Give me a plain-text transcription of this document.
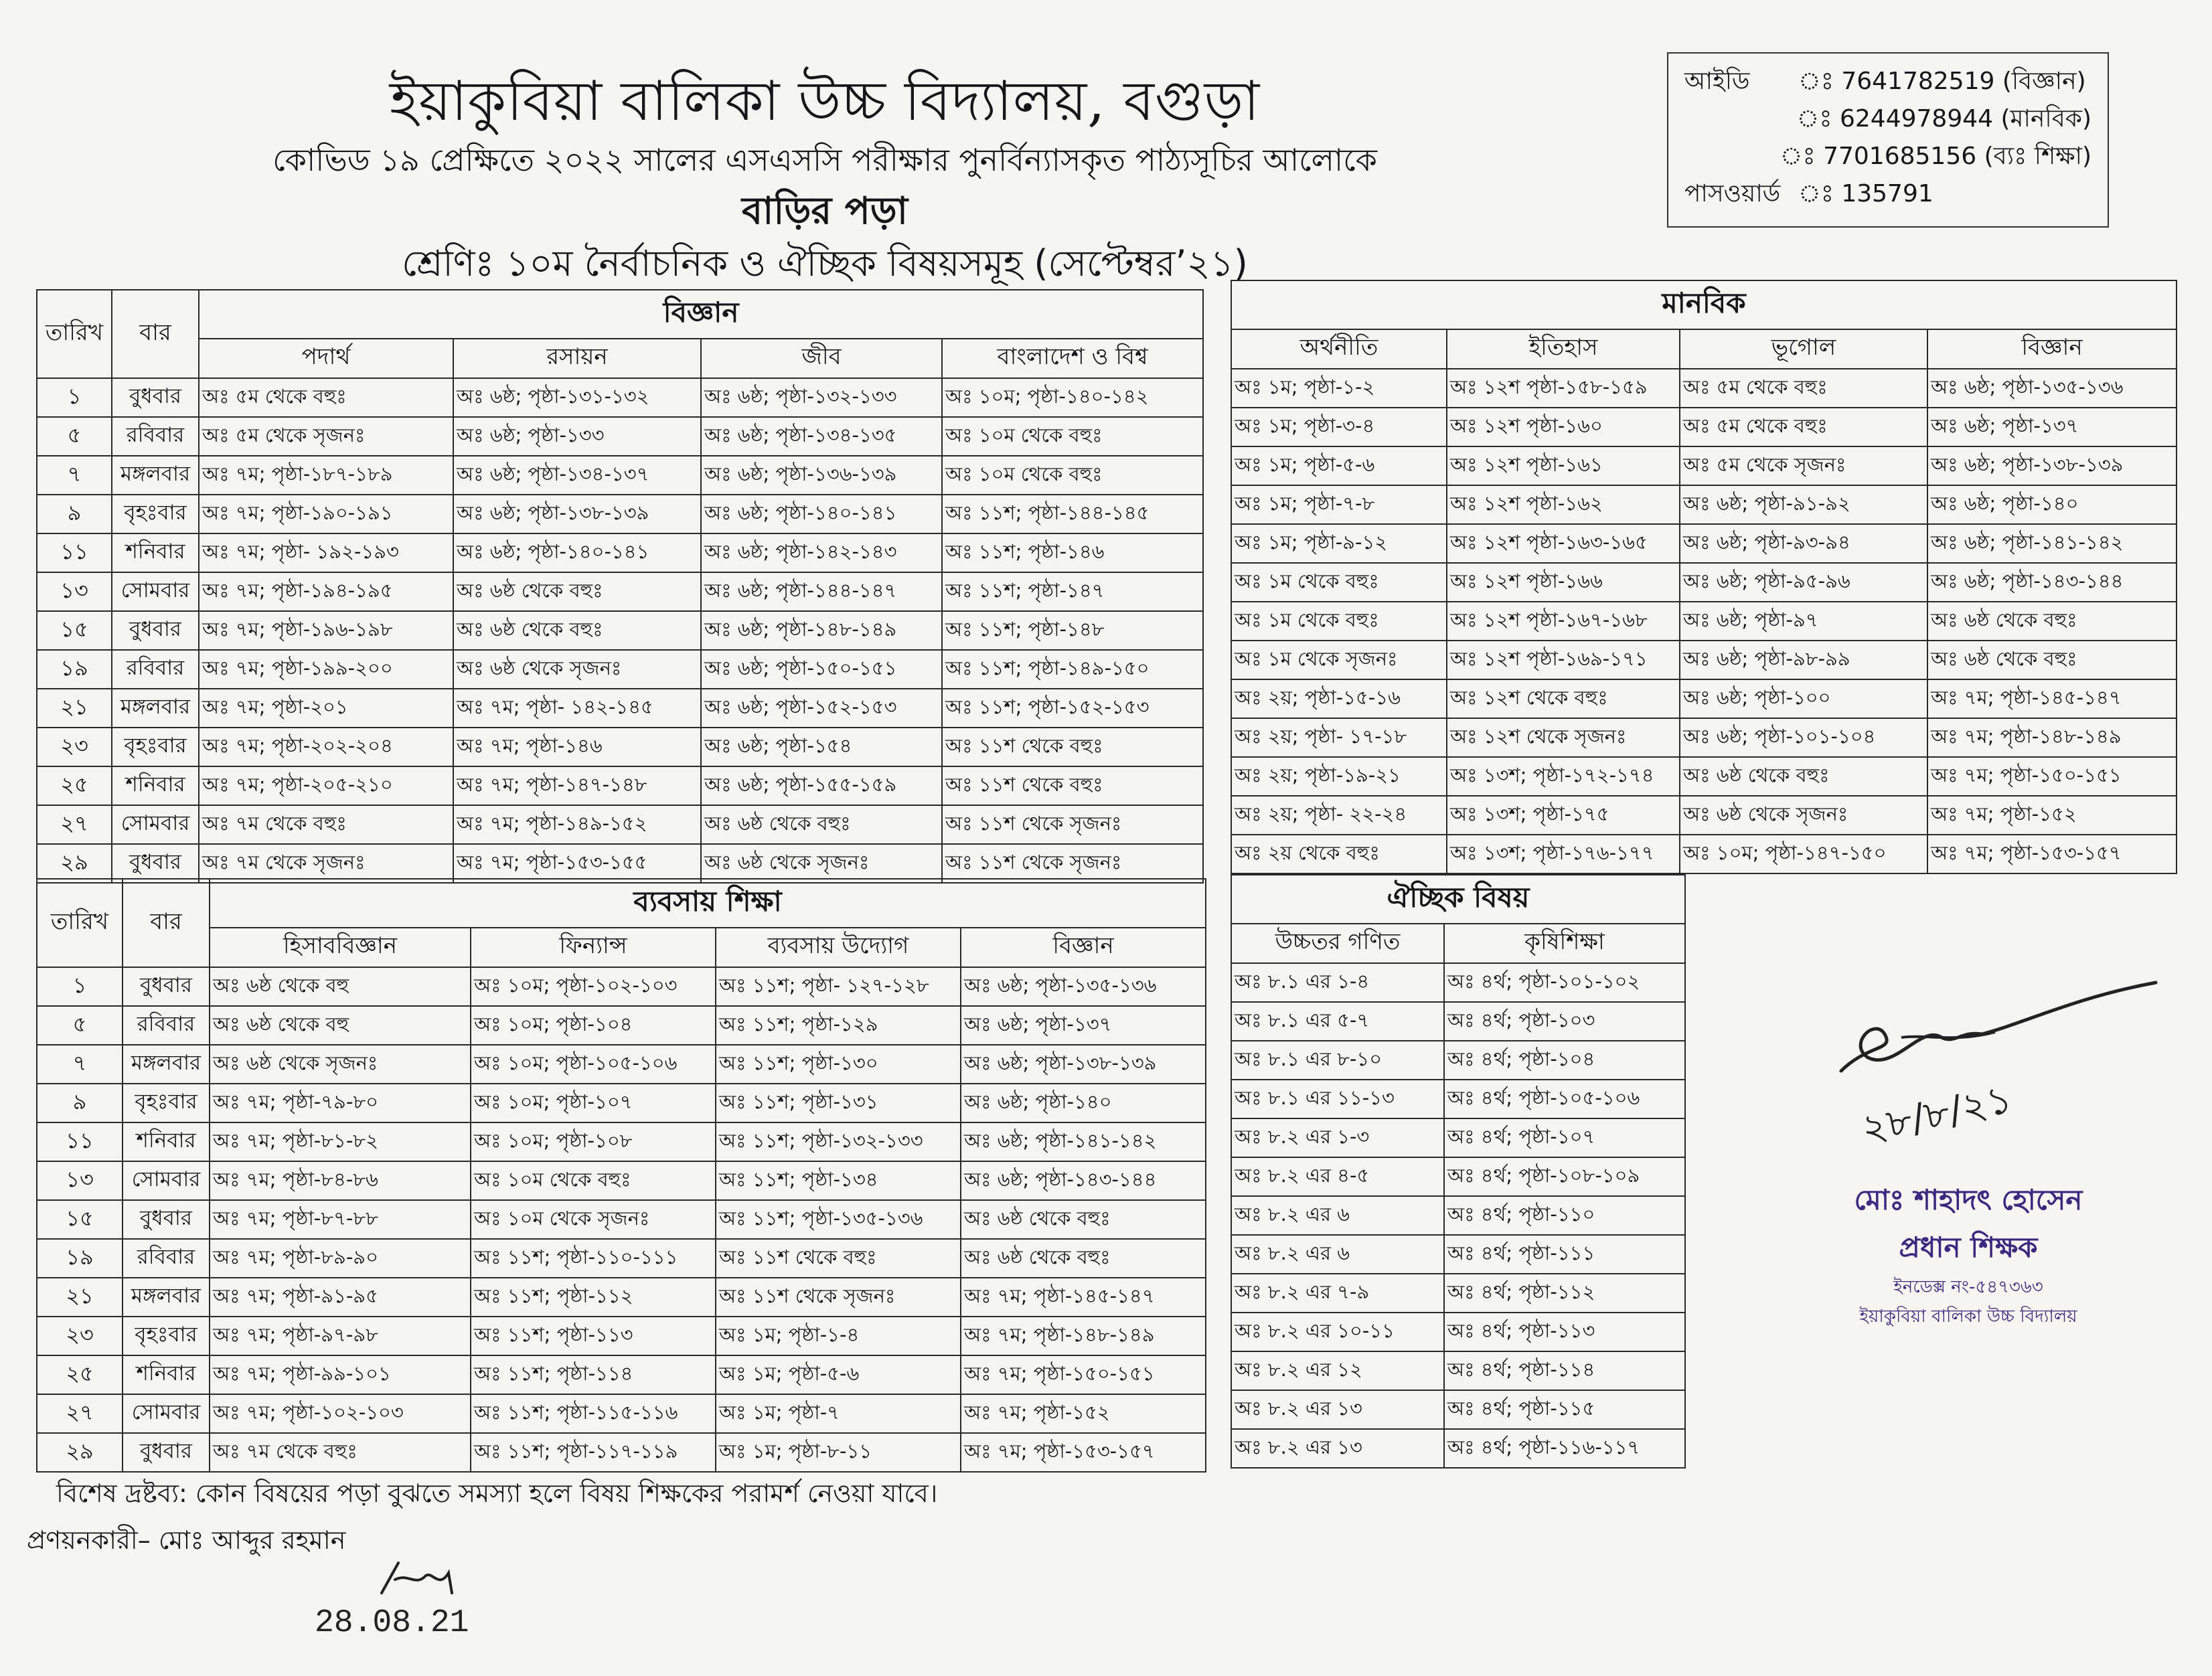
ইয়াকুবিয়া বালিকা উচ্চ বিদ্যালয়, বগুড়া
কোভিড ১৯ প্রেক্ষিতে ২০২২ সালের এসএসসি পরীক্ষার পুনর্বিন্যাসকৃত পাঠ্যসূচির আলোকে
বাড়ির পড়া
শ্রেণিঃ ১০ম নৈর্বাচনিক ও ঐচ্ছিক বিষয়সমূহ (সেপ্টেম্বর’২১)
আইডি	ঃ 7641782519 (বিজ্ঞান)
ঃ 6244978944 (মানবিক)
ঃ 7701685156 (ব্যঃ শিক্ষা)
পাসওয়ার্ড ঃ 135791
তারিখ	বার	বিজ্ঞান			
		পদার্থ	রসায়ন	জীব	বাংলাদেশ ও বিশ্ব
১	বুধবার	অঃ ৫ম থেকে বহুঃ	অঃ ৬ষ্ঠ; পৃষ্ঠা-১৩১-১৩২	অঃ ৬ষ্ঠ; পৃষ্ঠা-১৩২-১৩৩	অঃ ১০ম; পৃষ্ঠা-১৪০-১৪২
৫	রবিবার	অঃ ৫ম থেকে সৃজনঃ	অঃ ৬ষ্ঠ; পৃষ্ঠা-১৩৩	অঃ ৬ষ্ঠ; পৃষ্ঠা-১৩৪-১৩৫	অঃ ১০ম থেকে বহুঃ
৭	মঙ্গলবার	অঃ ৭ম; পৃষ্ঠা-১৮৭-১৮৯	অঃ ৬ষ্ঠ; পৃষ্ঠা-১৩৪-১৩৭	অঃ ৬ষ্ঠ; পৃষ্ঠা-১৩৬-১৩৯	অঃ ১০ম থেকে বহুঃ
৯	বৃহঃবার	অঃ ৭ম; পৃষ্ঠা-১৯০-১৯১	অঃ ৬ষ্ঠ; পৃষ্ঠা-১৩৮-১৩৯	অঃ ৬ষ্ঠ; পৃষ্ঠা-১৪০-১৪১	অঃ ১১শ; পৃষ্ঠা-১৪৪-১৪৫
১১	শনিবার	অঃ ৭ম; পৃষ্ঠা- ১৯২-১৯৩	অঃ ৬ষ্ঠ; পৃষ্ঠা-১৪০-১৪১	অঃ ৬ষ্ঠ; পৃষ্ঠা-১৪২-১৪৩	অঃ ১১শ; পৃষ্ঠা-১৪৬
১৩	সোমবার	অঃ ৭ম; পৃষ্ঠা-১৯৪-১৯৫	অঃ ৬ষ্ঠ থেকে বহুঃ	অঃ ৬ষ্ঠ; পৃষ্ঠা-১৪৪-১৪৭	অঃ ১১শ; পৃষ্ঠা-১৪৭
১৫	বুধবার	অঃ ৭ম; পৃষ্ঠা-১৯৬-১৯৮	অঃ ৬ষ্ঠ থেকে বহুঃ	অঃ ৬ষ্ঠ; পৃষ্ঠা-১৪৮-১৪৯	অঃ ১১শ; পৃষ্ঠা-১৪৮
১৯	রবিবার	অঃ ৭ম; পৃষ্ঠা-১৯৯-২০০	অঃ ৬ষ্ঠ থেকে সৃজনঃ	অঃ ৬ষ্ঠ; পৃষ্ঠা-১৫০-১৫১	অঃ ১১শ; পৃষ্ঠা-১৪৯-১৫০
২১	মঙ্গলবার	অঃ ৭ম; পৃষ্ঠা-২০১	অঃ ৭ম; পৃষ্ঠা- ১৪২-১৪৫	অঃ ৬ষ্ঠ; পৃষ্ঠা-১৫২-১৫৩	অঃ ১১শ; পৃষ্ঠা-১৫২-১৫৩
২৩	বৃহঃবার	অঃ ৭ম; পৃষ্ঠা-২০২-২০৪	অঃ ৭ম; পৃষ্ঠা-১৪৬	অঃ ৬ষ্ঠ; পৃষ্ঠা-১৫৪	অঃ ১১শ থেকে বহুঃ
২৫	শনিবার	অঃ ৭ম; পৃষ্ঠা-২০৫-২১০	অঃ ৭ম; পৃষ্ঠা-১৪৭-১৪৮	অঃ ৬ষ্ঠ; পৃষ্ঠা-১৫৫-১৫৯	অঃ ১১শ থেকে বহুঃ
২৭	সোমবার	অঃ ৭ম থেকে বহুঃ	অঃ ৭ম; পৃষ্ঠা-১৪৯-১৫২	অঃ ৬ষ্ঠ থেকে বহুঃ	অঃ ১১শ থেকে সৃজনঃ
২৯	বুধবার	অঃ ৭ম থেকে সৃজনঃ	অঃ ৭ম; পৃষ্ঠা-১৫৩-১৫৫	অঃ ৬ষ্ঠ থেকে সৃজনঃ	অঃ ১১শ থেকে সৃজনঃ
মানবিক			
অর্থনীতি	ইতিহাস	ভূগোল	বিজ্ঞান
অঃ ১ম; পৃষ্ঠা-১-২	অঃ ১২শ পৃষ্ঠা-১৫৮-১৫৯	অঃ ৫ম থেকে বহুঃ	অঃ ৬ষ্ঠ; পৃষ্ঠা-১৩৫-১৩৬
অঃ ১ম; পৃষ্ঠা-৩-৪	অঃ ১২শ পৃষ্ঠা-১৬০	অঃ ৫ম থেকে বহুঃ	অঃ ৬ষ্ঠ; পৃষ্ঠা-১৩৭
অঃ ১ম; পৃষ্ঠা-৫-৬	অঃ ১২শ পৃষ্ঠা-১৬১	অঃ ৫ম থেকে সৃজনঃ	অঃ ৬ষ্ঠ; পৃষ্ঠা-১৩৮-১৩৯
অঃ ১ম; পৃষ্ঠা-৭-৮	অঃ ১২শ পৃষ্ঠা-১৬২	অঃ ৬ষ্ঠ; পৃষ্ঠা-৯১-৯২	অঃ ৬ষ্ঠ; পৃষ্ঠা-১৪০
অঃ ১ম; পৃষ্ঠা-৯-১২	অঃ ১২শ পৃষ্ঠা-১৬৩-১৬৫	অঃ ৬ষ্ঠ; পৃষ্ঠা-৯৩-৯৪	অঃ ৬ষ্ঠ; পৃষ্ঠা-১৪১-১৪২
অঃ ১ম থেকে বহুঃ	অঃ ১২শ পৃষ্ঠা-১৬৬	অঃ ৬ষ্ঠ; পৃষ্ঠা-৯৫-৯৬	অঃ ৬ষ্ঠ; পৃষ্ঠা-১৪৩-১৪৪
অঃ ১ম থেকে বহুঃ	অঃ ১২শ পৃষ্ঠা-১৬৭-১৬৮	অঃ ৬ষ্ঠ; পৃষ্ঠা-৯৭	অঃ ৬ষ্ঠ থেকে বহুঃ
অঃ ১ম থেকে সৃজনঃ	অঃ ১২শ পৃষ্ঠা-১৬৯-১৭১	অঃ ৬ষ্ঠ; পৃষ্ঠা-৯৮-৯৯	অঃ ৬ষ্ঠ থেকে বহুঃ
অঃ ২য়; পৃষ্ঠা-১৫-১৬	অঃ ১২শ থেকে বহুঃ	অঃ ৬ষ্ঠ; পৃষ্ঠা-১০০	অঃ ৭ম; পৃষ্ঠা-১৪৫-১৪৭
অঃ ২য়; পৃষ্ঠা- ১৭-১৮	অঃ ১২শ থেকে সৃজনঃ	অঃ ৬ষ্ঠ; পৃষ্ঠা-১০১-১০৪	অঃ ৭ম; পৃষ্ঠা-১৪৮-১৪৯
অঃ ২য়; পৃষ্ঠা-১৯-২১	অঃ ১৩শ; পৃষ্ঠা-১৭২-১৭৪	অঃ ৬ষ্ঠ থেকে বহুঃ	অঃ ৭ম; পৃষ্ঠা-১৫০-১৫১
অঃ ২য়; পৃষ্ঠা- ২২-২৪	অঃ ১৩শ; পৃষ্ঠা-১৭৫	অঃ ৬ষ্ঠ থেকে সৃজনঃ	অঃ ৭ম; পৃষ্ঠা-১৫২
অঃ ২য় থেকে বহুঃ	অঃ ১৩শ; পৃষ্ঠা-১৭৬-১৭৭	অঃ ১০ম; পৃষ্ঠা-১৪৭-১৫০	অঃ ৭ম; পৃষ্ঠা-১৫৩-১৫৭
তারিখ	বার	ব্যবসায় শিক্ষা			
		হিসাববিজ্ঞান	ফিন্যান্স	ব্যবসায় উদ্যোগ	বিজ্ঞান
১	বুধবার	অঃ ৬ষ্ঠ থেকে বহু	অঃ ১০ম; পৃষ্ঠা-১০২-১০৩	অঃ ১১শ; পৃষ্ঠা- ১২৭-১২৮	অঃ ৬ষ্ঠ; পৃষ্ঠা-১৩৫-১৩৬
৫	রবিবার	অঃ ৬ষ্ঠ থেকে বহু	অঃ ১০ম; পৃষ্ঠা-১০৪	অঃ ১১শ; পৃষ্ঠা-১২৯	অঃ ৬ষ্ঠ; পৃষ্ঠা-১৩৭
৭	মঙ্গলবার	অঃ ৬ষ্ঠ থেকে সৃজনঃ	অঃ ১০ম; পৃষ্ঠা-১০৫-১০৬	অঃ ১১শ; পৃষ্ঠা-১৩০	অঃ ৬ষ্ঠ; পৃষ্ঠা-১৩৮-১৩৯
৯	বৃহঃবার	অঃ ৭ম; পৃষ্ঠা-৭৯-৮০	অঃ ১০ম; পৃষ্ঠা-১০৭	অঃ ১১শ; পৃষ্ঠা-১৩১	অঃ ৬ষ্ঠ; পৃষ্ঠা-১৪০
১১	শনিবার	অঃ ৭ম; পৃষ্ঠা-৮১-৮২	অঃ ১০ম; পৃষ্ঠা-১০৮	অঃ ১১শ; পৃষ্ঠা-১৩২-১৩৩	অঃ ৬ষ্ঠ; পৃষ্ঠা-১৪১-১৪২
১৩	সোমবার	অঃ ৭ম; পৃষ্ঠা-৮৪-৮৬	অঃ ১০ম থেকে বহুঃ	অঃ ১১শ; পৃষ্ঠা-১৩৪	অঃ ৬ষ্ঠ; পৃষ্ঠা-১৪৩-১৪৪
১৫	বুধবার	অঃ ৭ম; পৃষ্ঠা-৮৭-৮৮	অঃ ১০ম থেকে সৃজনঃ	অঃ ১১শ; পৃষ্ঠা-১৩৫-১৩৬	অঃ ৬ষ্ঠ থেকে বহুঃ
১৯	রবিবার	অঃ ৭ম; পৃষ্ঠা-৮৯-৯০	অঃ ১১শ; পৃষ্ঠা-১১০-১১১	অঃ ১১শ থেকে বহুঃ	অঃ ৬ষ্ঠ থেকে বহুঃ
২১	মঙ্গলবার	অঃ ৭ম; পৃষ্ঠা-৯১-৯৫	অঃ ১১শ; পৃষ্ঠা-১১২	অঃ ১১শ থেকে সৃজনঃ	অঃ ৭ম; পৃষ্ঠা-১৪৫-১৪৭
২৩	বৃহঃবার	অঃ ৭ম; পৃষ্ঠা-৯৭-৯৮	অঃ ১১শ; পৃষ্ঠা-১১৩	অঃ ১ম; পৃষ্ঠা-১-৪	অঃ ৭ম; পৃষ্ঠা-১৪৮-১৪৯
২৫	শনিবার	অঃ ৭ম; পৃষ্ঠা-৯৯-১০১	অঃ ১১শ; পৃষ্ঠা-১১৪	অঃ ১ম; পৃষ্ঠা-৫-৬	অঃ ৭ম; পৃষ্ঠা-১৫০-১৫১
২৭	সোমবার	অঃ ৭ম; পৃষ্ঠা-১০২-১০৩	অঃ ১১শ; পৃষ্ঠা-১১৫-১১৬	অঃ ১ম; পৃষ্ঠা-৭	অঃ ৭ম; পৃষ্ঠা-১৫২
২৯	বুধবার	অঃ ৭ম থেকে বহুঃ	অঃ ১১শ; পৃষ্ঠা-১১৭-১১৯	অঃ ১ম; পৃষ্ঠা-৮-১১	অঃ ৭ম; পৃষ্ঠা-১৫৩-১৫৭
ঐচ্ছিক বিষয়	
উচ্চতর গণিত	কৃষিশিক্ষা
অঃ ৮.১ এর ১-৪	অঃ ৪র্থ; পৃষ্ঠা-১০১-১০২
অঃ ৮.১ এর ৫-৭	অঃ ৪র্থ; পৃষ্ঠা-১০৩
অঃ ৮.১ এর ৮-১০	অঃ ৪র্থ; পৃষ্ঠা-১০৪
অঃ ৮.১ এর ১১-১৩	অঃ ৪র্থ; পৃষ্ঠা-১০৫-১০৬
অঃ ৮.২ এর ১-৩	অঃ ৪র্থ; পৃষ্ঠা-১০৭
অঃ ৮.২ এর ৪-৫	অঃ ৪র্থ; পৃষ্ঠা-১০৮-১০৯
অঃ ৮.২ এর ৬	অঃ ৪র্থ; পৃষ্ঠা-১১০
অঃ ৮.২ এর ৬	অঃ ৪র্থ; পৃষ্ঠা-১১১
অঃ ৮.২ এর ৭-৯	অঃ ৪র্থ; পৃষ্ঠা-১১২
অঃ ৮.২ এর ১০-১১	অঃ ৪র্থ; পৃষ্ঠা-১১৩
অঃ ৮.২ এর ১২	অঃ ৪র্থ; পৃষ্ঠা-১১৪
অঃ ৮.২ এর ১৩	অঃ ৪র্থ; পৃষ্ঠা-১১৫
অঃ ৮.২ এর ১৩	অঃ ৪র্থ; পৃষ্ঠা-১১৬-১১৭
২৮/৮/২১
মোঃ শাহাদৎ হোসেন
প্রধান শিক্ষক
ইনডেক্স নং-৫৪৭৩৬৩
ইয়াকুবিয়া বালিকা উচ্চ বিদ্যালয়
বিশেষ দ্রষ্টব্য: কোন বিষয়ের পড়া বুঝতে সমস্যা হলে বিষয় শিক্ষকের পরামর্শ নেওয়া যাবে।
প্রণয়নকারী– মোঃ আব্দুর রহমান
28.08.21
